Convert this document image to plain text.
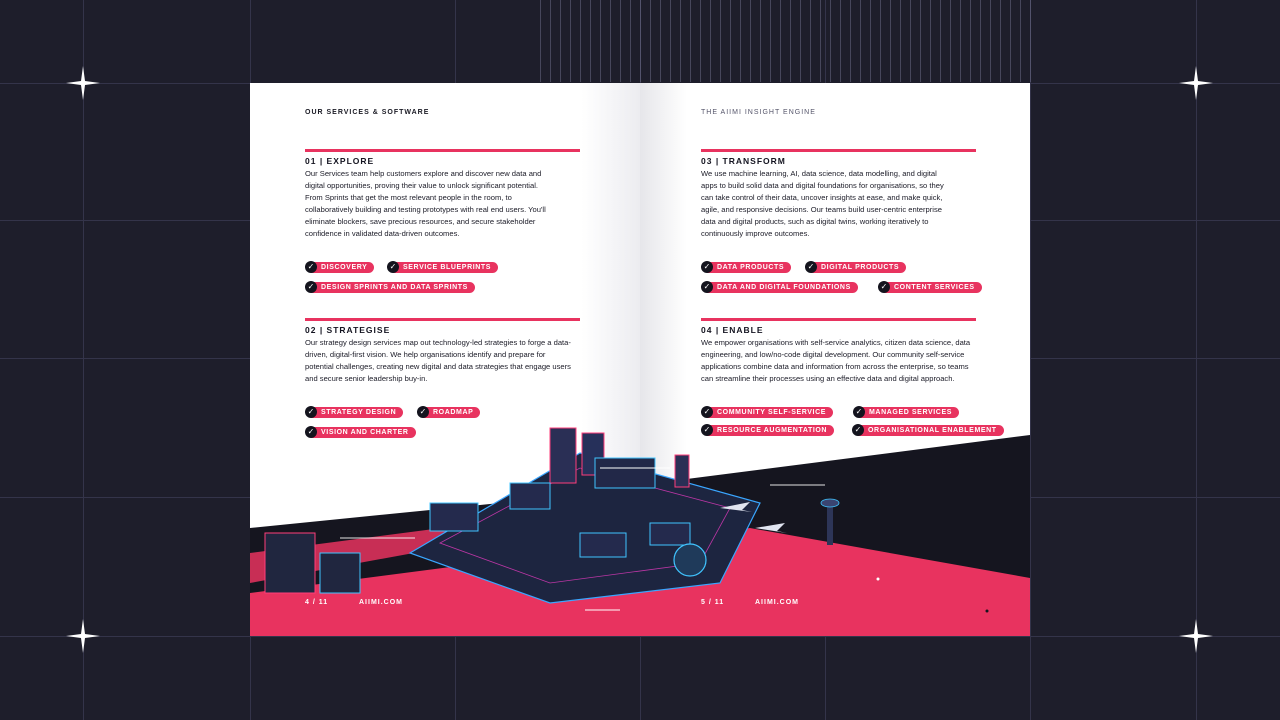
OUR SERVICES & SOFTWARE
01 | EXPLORE
Our Services team help customers explore and discover new data and digital opportunities, proving their value to unlock significant potential. From Sprints that get the most relevant people in the room, to collaboratively building and testing prototypes with real end users. You'll eliminate blockers, save precious resources, and secure stakeholder confidence in validated data-driven outcomes.
✓ DISCOVERY	✓ SERVICE BLUEPRINTS
✓ DESIGN SPRINTS AND DATA SPRINTS
02 | STRATEGISE
Our strategy design services map out technology-led strategies to forge a data-driven, digital-first vision. We help organisations identify and prepare for potential challenges, creating new digital and data strategies that engage users and secure senior leadership buy-in.
✓ STRATEGY DESIGN	✓ ROADMAP
✓ VISION AND CHARTER
4 / 11	AIIMI.COM
THE AIIMI INSIGHT ENGINE
03 | TRANSFORM
We use machine learning, AI, data science, data modelling, and digital apps to build solid data and digital foundations for organisations, so they can take control of their data, uncover insights at ease, and make quick, agile, and responsive decisions. Our teams build user-centric enterprise data and digital products, such as digital twins, working iteratively to continuously improve outcomes.
✓ DATA PRODUCTS	✓ DIGITAL PRODUCTS
✓ DATA AND DIGITAL FOUNDATIONS	✓ CONTENT SERVICES
04 | ENABLE
We empower organisations with self-service analytics, citizen data science, data engineering, and low/no-code digital development. Our community self-service applications combine data and information from across the enterprise, so teams can streamline their processes using an effective data and digital approach.
✓ COMMUNITY SELF-SERVICE	✓ MANAGED SERVICES
✓ RESOURCE AUGMENTATION	✓ ORGANISATIONAL ENABLEMENT
5 / 11	AIIMI.COM
